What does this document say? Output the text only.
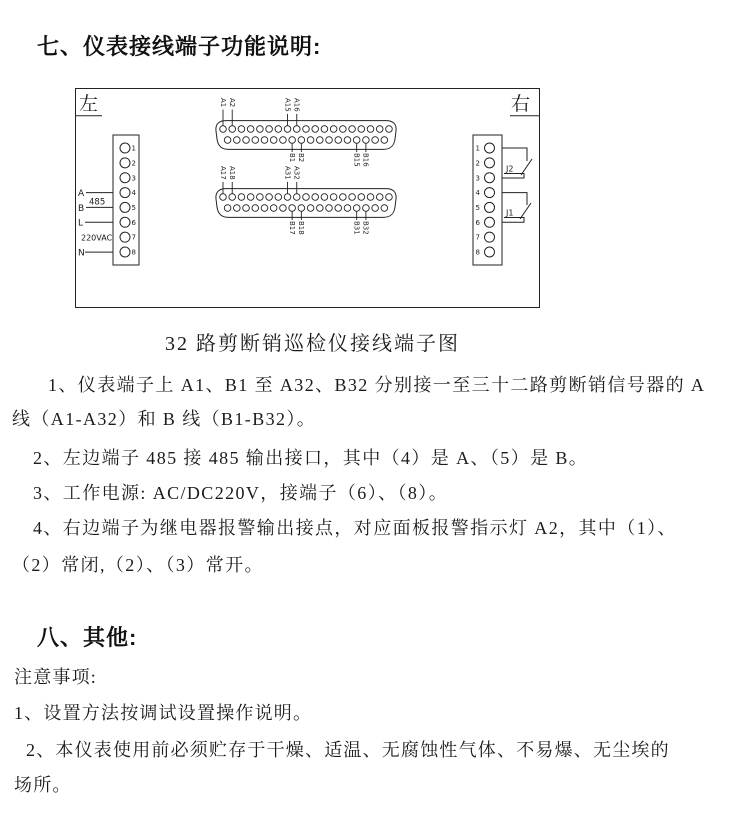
七、仪表接线端子功能说明:
左	右
A
485
B
L
220VAC
N
J2
J1
1
2
3
4
5
6
7
8
1
2
3
4
5
6
7
8
A1 A2	A15 A16
B1 B2	B15 B16
A17 A18	A31 A32
B17 B18	B31 B32
32 路剪断销巡检仪接线端子图
1、仪表端子上 A1、B1 至 A32、B32 分别接一至三十二路剪断销信号器的 A
线（A1-A32）和 B 线（B1-B32）。
2、左边端子 485 接 485 输出接口，其中（4）是 A、（5）是 B。
3、工作电源: AC/DC220V，接端子（6）、（8）。
4、右边端子为继电器报警输出接点，对应面板报警指示灯 A2，其中（1）、
（2）常闭,（2）、（3）常开。
八、其他:
注意事项:
1、设置方法按调试设置操作说明。
2、本仪表使用前必须贮存于干燥、适温、无腐蚀性气体、不易爆、无尘埃的
场所。
